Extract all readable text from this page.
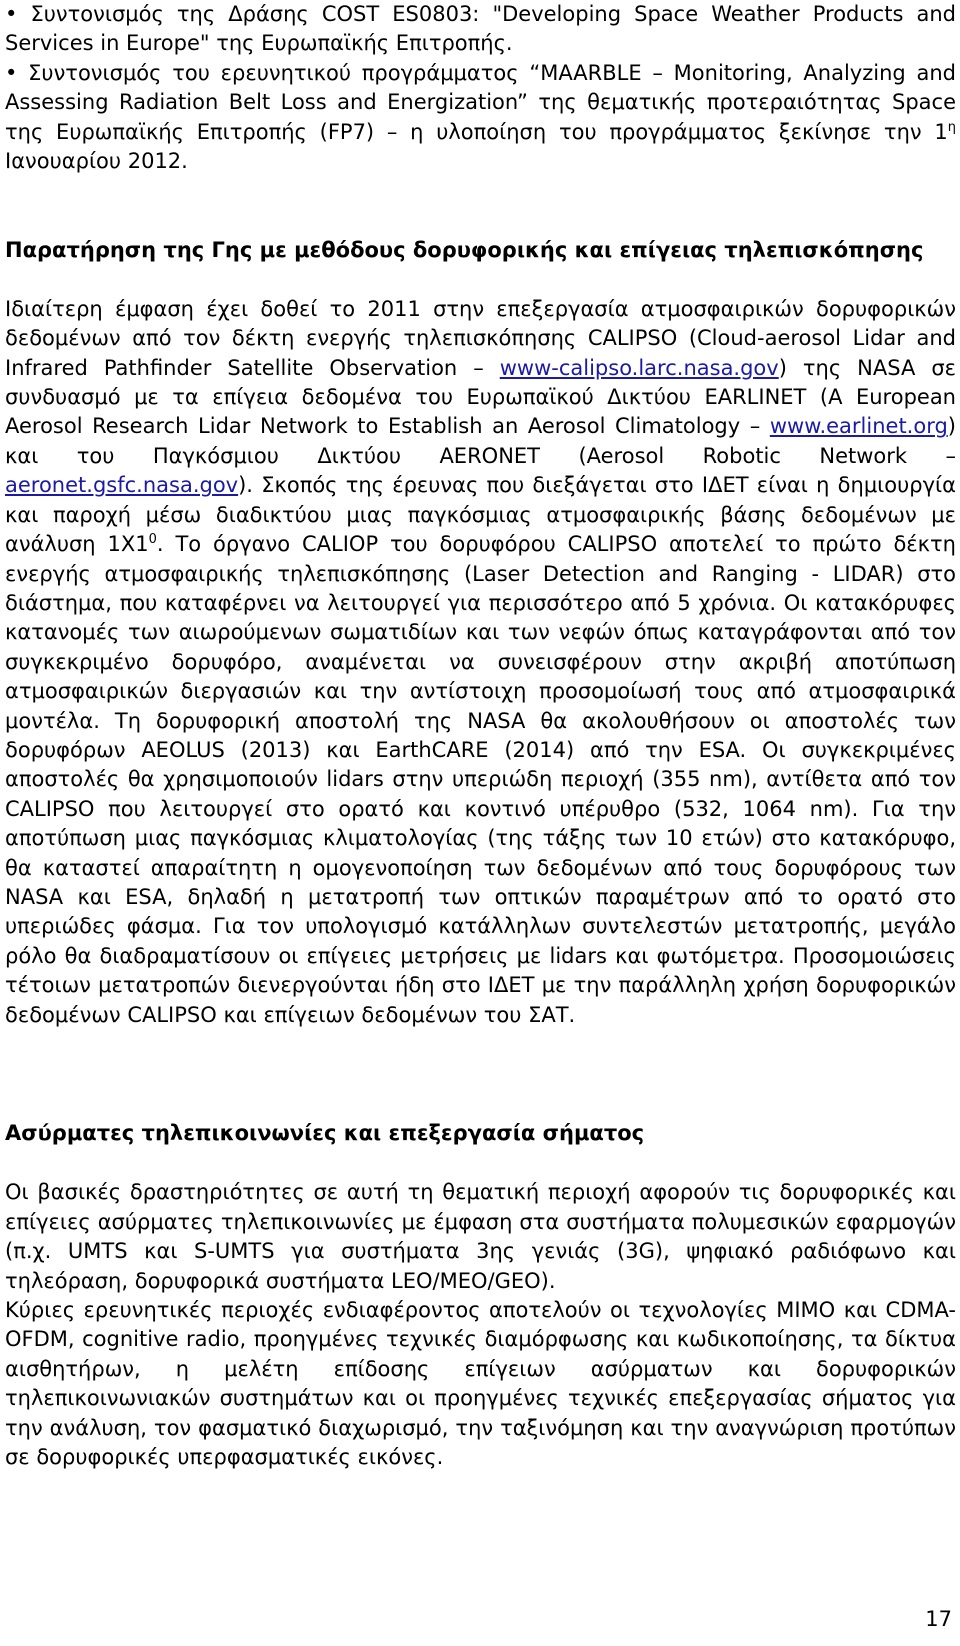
• Συντονισμός της Δράσης COST ES0803: "Developing Space Weather Products and Services in Europe" της Ευρωπαϊκής Επιτροπής.

• Συντονισμός του ερευνητικού προγράμματος “MAARBLE – Monitoring, Analyzing and Assessing Radiation Belt Loss and Energization” της θεματικής προτεραιότητας Space της Ευρωπαϊκής Επιτροπής (FP7) – η υλοποίηση του προγράμματος ξεκίνησε την $1^\eta$ Ιανουαρίου 2012.

Παρατήρηση της Γης με μεθόδους δορυφορικής και επίγειας τηλεπισκόπησης

Ιδιαίτερη έμφαση έχει δοθεί το 2011 στην επεξεργασία ατμοσφαιρικών δορυφορικών δεδομένων από τον δέκτη ενεργής τηλεπισκόπησης CALIPSO (Cloud-aerosol Lidar and Infrared Pathfinder Satellite Observation – www-calipso.larc.nasa.gov) της NASA σε συνδυασμό με τα επίγεια δεδομένα του Ευρωπαϊκού Δικτύου EARLINET (A European Aerosol Research Lidar Network to Establish an Aerosol Climatology – www.earlinet.org) και του Παγκόσμιου Δικτύου AERONET (Aerosol Robotic Network – aeronet.gsfc.nasa.gov). Σκοπός της έρευνας που διεξάγεται στο ΙΔΕΤ είναι η δημιουργία και παροχή μέσω διαδικτύου μιας παγκόσμιας ατμοσφαιρικής βάσης δεδομένων με ανάλυση $1X1^0$. Το όργανο CALIOP του δορυφόρου CALIPSO αποτελεί το πρώτο δέκτη ενεργής ατμοσφαιρικής τηλεπισκόπησης (Laser Detection and Ranging - LIDAR) στο διάστημα, που καταφέρνει να λειτουργεί για περισσότερο από 5 χρόνια. Οι κατακόρυφες κατανομές των αιωρούμενων σωματιδίων και των νεφών όπως καταγράφονται από τον συγκεκριμένο δορυφόρο, αναμένεται να συνεισφέρουν στην ακριβή αποτύπωση ατμοσφαιρικών διεργασιών και την αντίστοιχη προσομοίωσή τους από ατμοσφαιρικά μοντέλα. Τη δορυφορική αποστολή της NASA θα ακολουθήσουν οι αποστολές των δορυφόρων AEOLUS (2013) και EarthCARE (2014) από την ESA. Οι συγκεκριμένες αποστολές θα χρησιμοποιούν lidars στην υπεριώδη περιοχή (355 nm), αντίθετα από τον CALIPSO που λειτουργεί στο ορατό και κοντινό υπέρυθρο (532, 1064 nm). Για την αποτύπωση μιας παγκόσμιας κλιματολογίας (της τάξης των 10 ετών) στο κατακόρυφο, θα καταστεί απαραίτητη η ομογενοποίηση των δεδομένων από τους δορυφόρους των NASA και ESA, δηλαδή η μετατροπή των οπτικών παραμέτρων από το ορατό στο υπεριώδες φάσμα. Για τον υπολογισμό κατάλληλων συντελεστών μετατροπής, μεγάλο ρόλο θα διαδραματίσουν οι επίγειες μετρήσεις με lidars και φωτόμετρα. Προσομοιώσεις τέτοιων μετατροπών διενεργούνται ήδη στο ΙΔΕΤ με την παράλληλη χρήση δορυφορικών δεδομένων CALIPSO και επίγειων δεδομένων του ΣΑΤ.

Ασύρματες τηλεπικοινωνίες και επεξεργασία σήματος

Οι βασικές δραστηριότητες σε αυτή τη θεματική περιοχή αφορούν τις δορυφορικές και επίγειες ασύρματες τηλεπικοινωνίες με έμφαση στα συστήματα πολυμεσικών εφαρμογών (π.χ. UMTS και S-UMTS για συστήματα 3ης γενιάς (3G), ψηφιακό ραδιόφωνο και τηλεόραση, δορυφορικά συστήματα LEO/MEO/GEO).

Κύριες ερευνητικές περιοχές ενδιαφέροντος αποτελούν οι τεχνολογίες MIMO και CDMA-OFDM, cognitive radio, προηγμένες τεχνικές διαμόρφωσης και κωδικοποίησης, τα δίκτυα αισθητήρων, η μελέτη επίδοσης επίγειων ασύρματων και δορυφορικών τηλεπικοινωνιακών συστημάτων και οι προηγμένες τεχνικές επεξεργασίας σήματος για την ανάλυση, τον φασματικό διαχωρισμό, την ταξινόμηση και την αναγνώριση προτύπων σε δορυφορικές υπερφασματικές εικόνες.

17
